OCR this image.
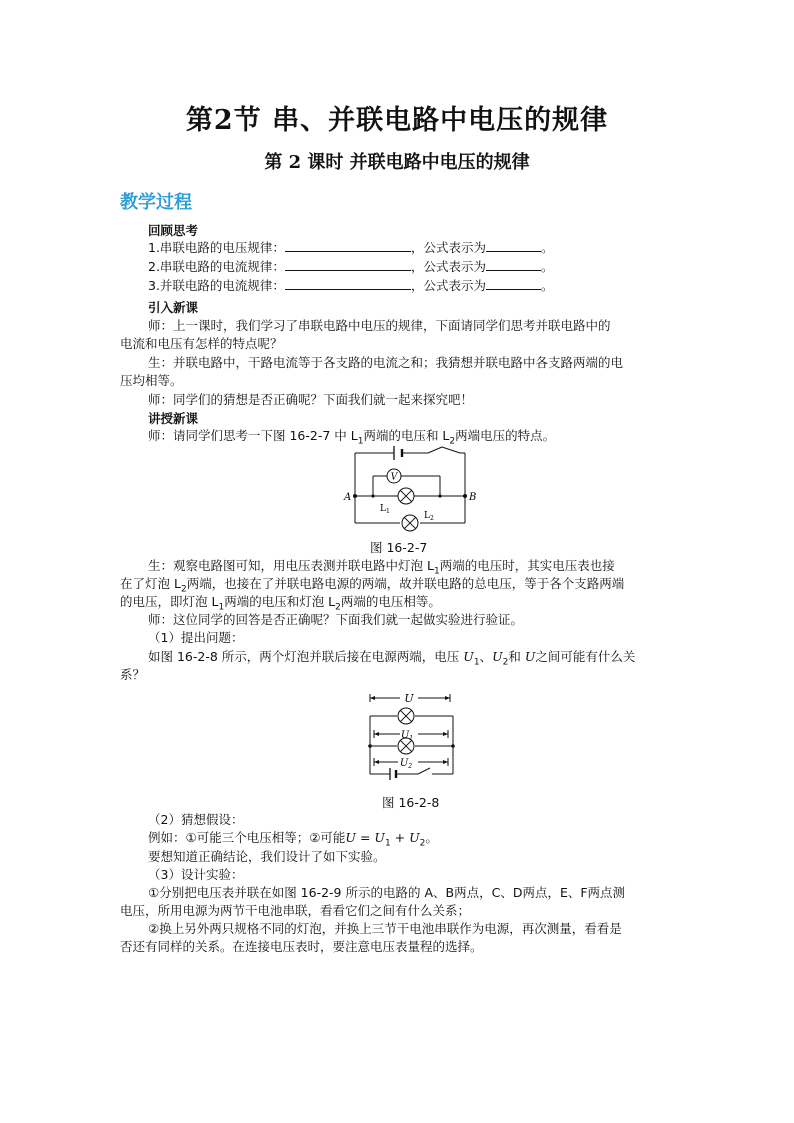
第2节 串、并联电路中电压的规律
第 2 课时 并联电路中电压的规律
教学过程
回顾思考
1.串联电路的电压规律：	，公式表示为	。
2.串联电路的电流规律：	，公式表示为	。
3.并联电路的电流规律：	，公式表示为	。
引入新课
师：上一课时，我们学习了串联电路中电压的规律，下面请同学们思考并联电路中的
电流和电压有怎样的特点呢？
生：并联电路中，干路电流等于各支路的电流之和；我猜想并联电路中各支路两端的电
压均相等。
师：同学们的猜想是否正确呢？下面我们就一起来探究吧！
讲授新课
师：请同学们思考一下图 16-2-7 中 $L_1$两端的电压和 $L_2$两端电压的特点。
V
A	B
$L_1$	$L_2$
图 16-2-7
生：观察电路图可知，用电压表测并联电路中灯泡 $L_1$两端的电压时，其实电压表也接
在了灯泡 $L_2$两端，也接在了并联电路电源的两端，故并联电路的总电压，等于各个支路两端
的电压，即灯泡 $L_1$两端的电压和灯泡 $L_2$两端的电压相等。
师：这位同学的回答是否正确呢？下面我们就一起做实验进行验证。
（1）提出问题：
如图 16-2-8 所示，两个灯泡并联后接在电源两端，电压 $U_1$、$U_2$和 U之间可能有什么关
系？
U
$U_1$
$U_2$
图 16-2-8
（2）猜想假设：
例如：①可能三个电压相等；②可能$U = U_1 + U_2$。
要想知道正确结论，我们设计了如下实验。
（3）设计实验：
①分别把电压表并联在如图 16-2-9 所示的电路的 A、B两点，C、D两点，E、F两点测
电压，所用电源为两节干电池串联，看看它们之间有什么关系；
②换上另外两只规格不同的灯泡，并换上三节干电池串联作为电源，再次测量，看看是
否还有同样的关系。在连接电压表时，要注意电压表量程的选择。
